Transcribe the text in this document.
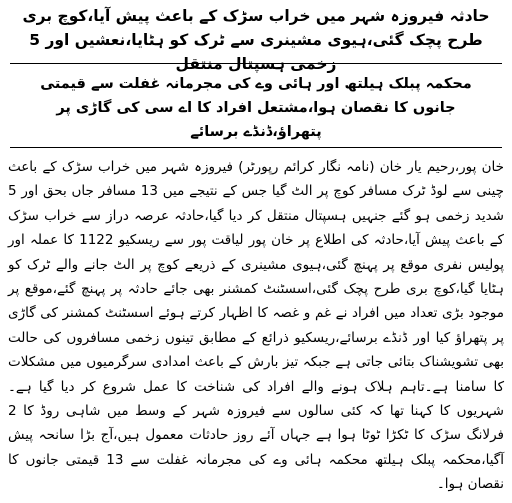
حادثہ فیروزہ شہر میں خراب سڑک کے باعث پیش آیا،کوچ بری طرح پچک گئی،ہیوی مشینری سے ٹرک کو ہٹایا،نعشیں اور 5 زخمی ہسپتال منتقل
محکمہ پبلک ہیلتھ اور ہائی وے کی مجرمانہ غفلت سے قیمتی جانوں کا نقصان ہوا،مشتعل افراد کا اے سی کی گاڑی پر پتھراؤ،ڈنڈے برسائے

خان پور،رحیم یار خان (نامہ نگار کرائم رپورٹر) فیروزہ شہر میں خراب سڑک کے باعث چینی سے لوڈ ٹرک مسافر کوچ پر الٹ گیا جس کے نتیجے میں 13 مسافر جاں بحق اور 5 شدید زخمی ہو گئے جنہیں ہسپتال منتقل کر دیا گیا،حادثہ عرصہ دراز سے خراب سڑک کے باعث پیش آیا،حادثہ کی اطلاع پر خان پور لیاقت پور سے ریسکیو 1122 کا عملہ اور پولیس نفری موقع پر پہنچ گئی،ہیوی مشینری کے ذریعے کوچ پر الٹ جانے والے ٹرک کو ہٹایا گیا،کوچ بری طرح پچک گئی،اسسٹنٹ کمشنر بھی جائے حادثہ پر پہنچ گئے،موقع پر موجود بڑی تعداد میں افراد نے غم و غصہ کا اظہار کرتے ہوئے اسسٹنٹ کمشنر کی گاڑی پر پتھراؤ کیا اور ڈنڈے برسائے،ریسکیو ذرائع کے مطابق تینوں زخمی مسافروں کی حالت بھی تشویشناک بتائی جاتی ہے جبکہ تیز بارش کے باعث امدادی سرگرمیوں میں مشکلات کا سامنا ہے۔تاہم ہلاک ہونے والے افراد کی شناخت کا عمل شروع کر دیا گیا ہے۔شہریوں کا کہنا تھا کہ کئی سالوں سے فیروزہ شہر کے وسط میں شاہی روڈ کا 2 فرلانگ سڑک کا ٹکڑا ٹوٹا ہوا ہے جہاں آئے روز حادثات معمول ہیں،آج بڑا سانحہ پیش آگیا،محکمہ پبلک ہیلتھ محکمہ ہائی وے کی مجرمانہ غفلت سے 13 قیمتی جانوں کا نقصان ہوا۔
